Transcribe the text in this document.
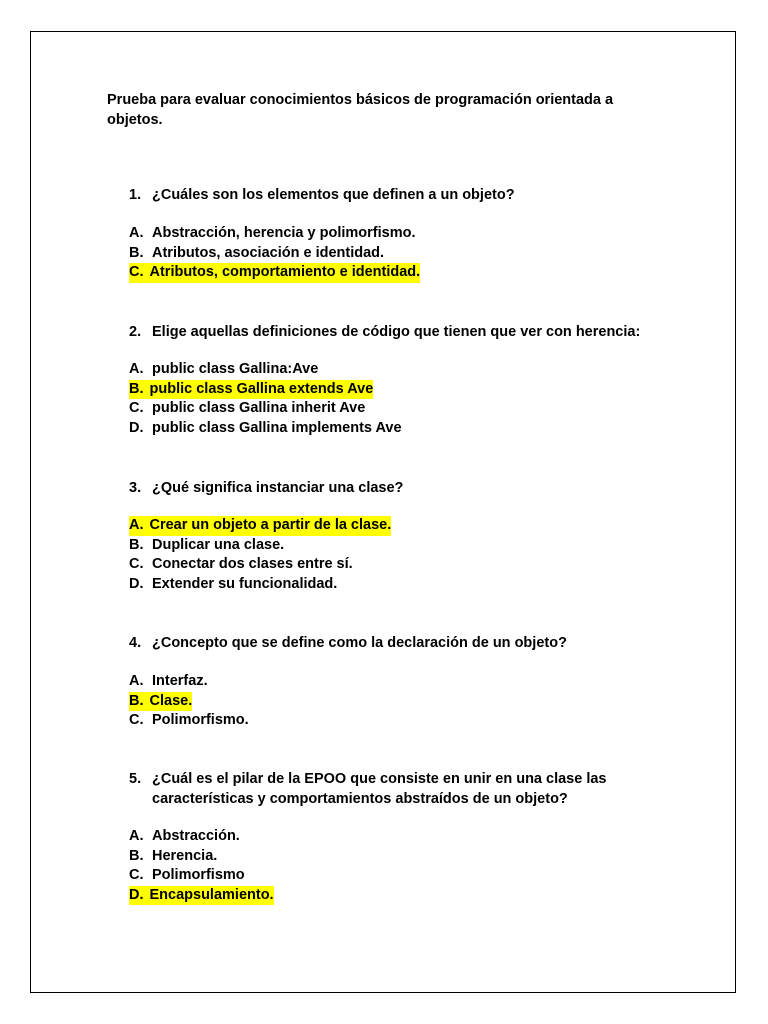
Prueba para evaluar conocimientos básicos de programación orientada a objetos.

1. ¿Cuáles son los elementos que definen a un objeto?
A. Abstracción, herencia y polimorfismo.
B. Atributos, asociación e identidad.
C. Atributos, comportamiento e identidad.
2. Elige aquellas definiciones de código que tienen que ver con herencia:
A. public class Gallina:Ave
B. public class Gallina extends Ave
C. public class Gallina inherit Ave
D. public class Gallina implements Ave
3. ¿Qué significa instanciar una clase?
A. Crear un objeto a partir de la clase.
B. Duplicar una clase.
C. Conectar dos clases entre sí.
D. Extender su funcionalidad.
4. ¿Concepto que se define como la declaración de un objeto?
A. Interfaz.
B. Clase.
C. Polimorfismo.
5. ¿Cuál es el pilar de la EPOO que consiste en unir en una clase las características y comportamientos abstraídos de un objeto?
A. Abstracción.
B. Herencia.
C. Polimorfismo
D. Encapsulamiento.
